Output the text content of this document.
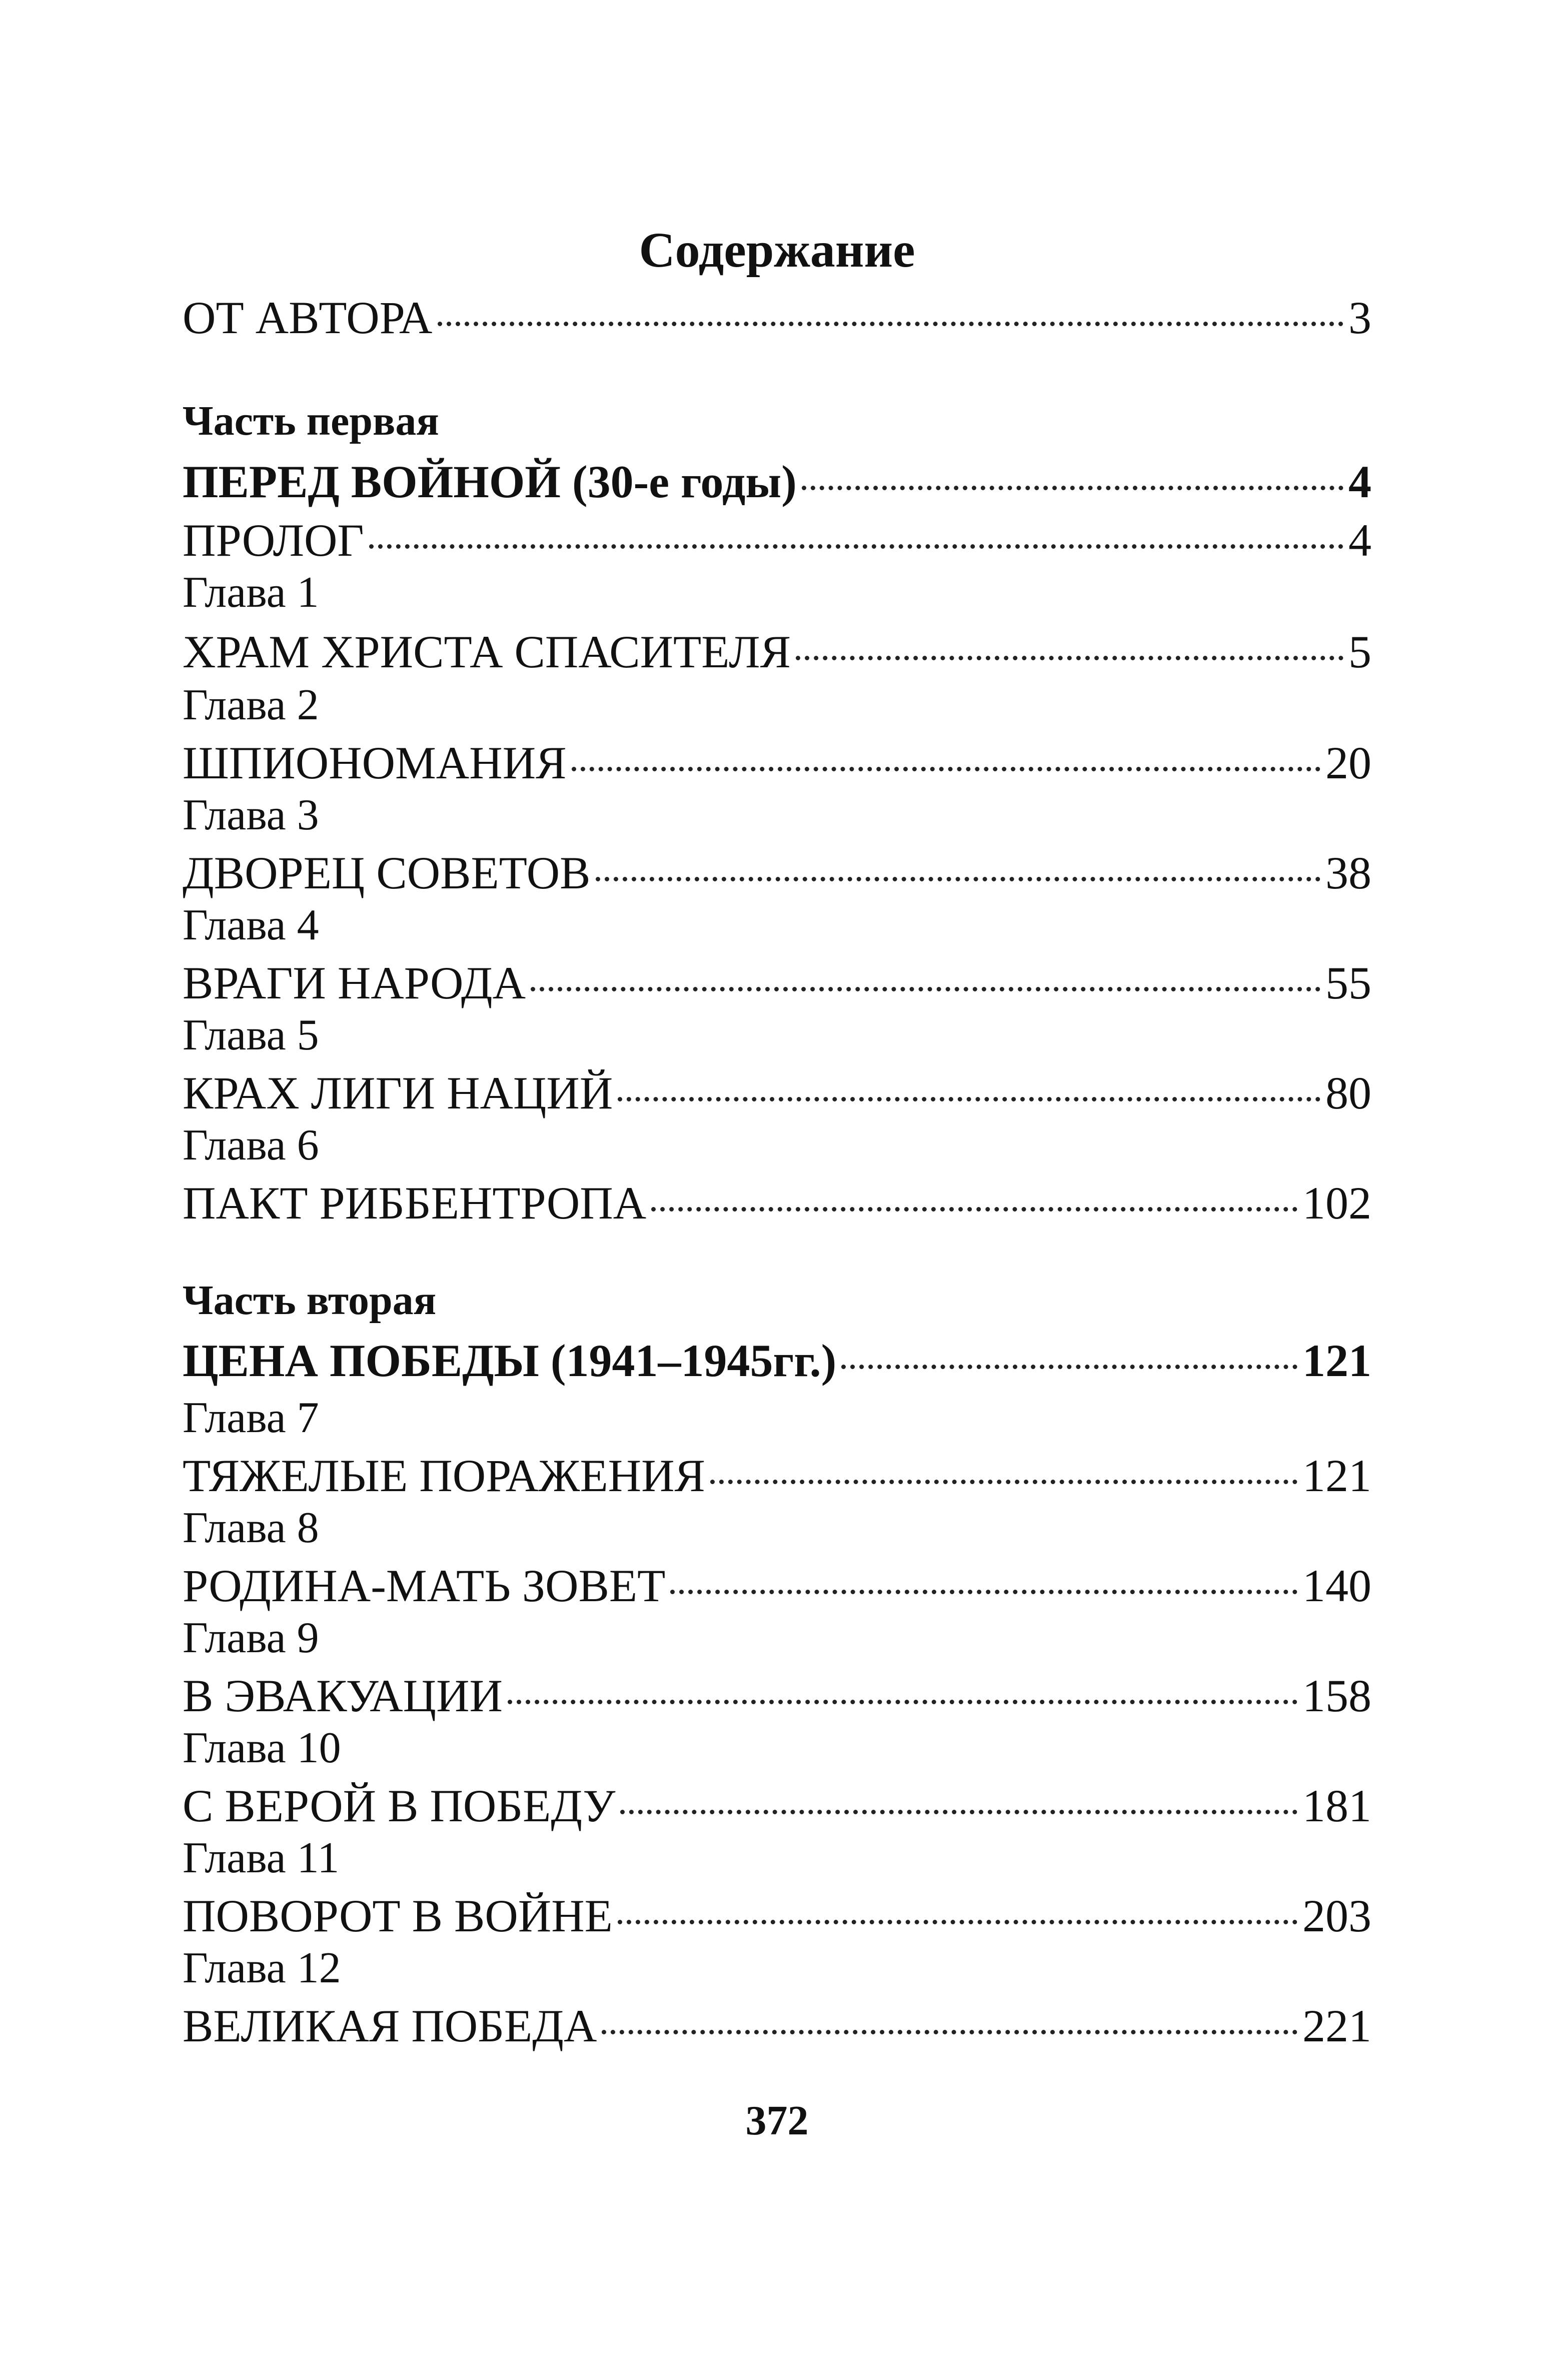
Содержание
ОТ АВТОРА	3
Часть первая
ПЕРЕД ВОЙНОЙ (30-е годы)	4
ПРОЛОГ	4
Глава 1
ХРАМ ХРИСТА СПАСИТЕЛЯ	5
Глава 2
ШПИОНОМАНИЯ	20
Глава 3
ДВОРЕЦ СОВЕТОВ	38
Глава 4
ВРАГИ НАРОДА	55
Глава 5
КРАХ ЛИГИ НАЦИЙ	80
Глава 6
ПАКТ РИББЕНТРОПА	102
Часть вторая
ЦЕНА ПОБЕДЫ (1941–1945гг.)	121
Глава 7
ТЯЖЕЛЫЕ ПОРАЖЕНИЯ	121
Глава 8
РОДИНА-МАТЬ ЗОВЕТ	140
Глава 9
В ЭВАКУАЦИИ	158
Глава 10
С ВЕРОЙ В ПОБЕДУ	181
Глава 11
ПОВОРОТ В ВОЙНЕ	203
Глава 12
ВЕЛИКАЯ ПОБЕДА	221
372
